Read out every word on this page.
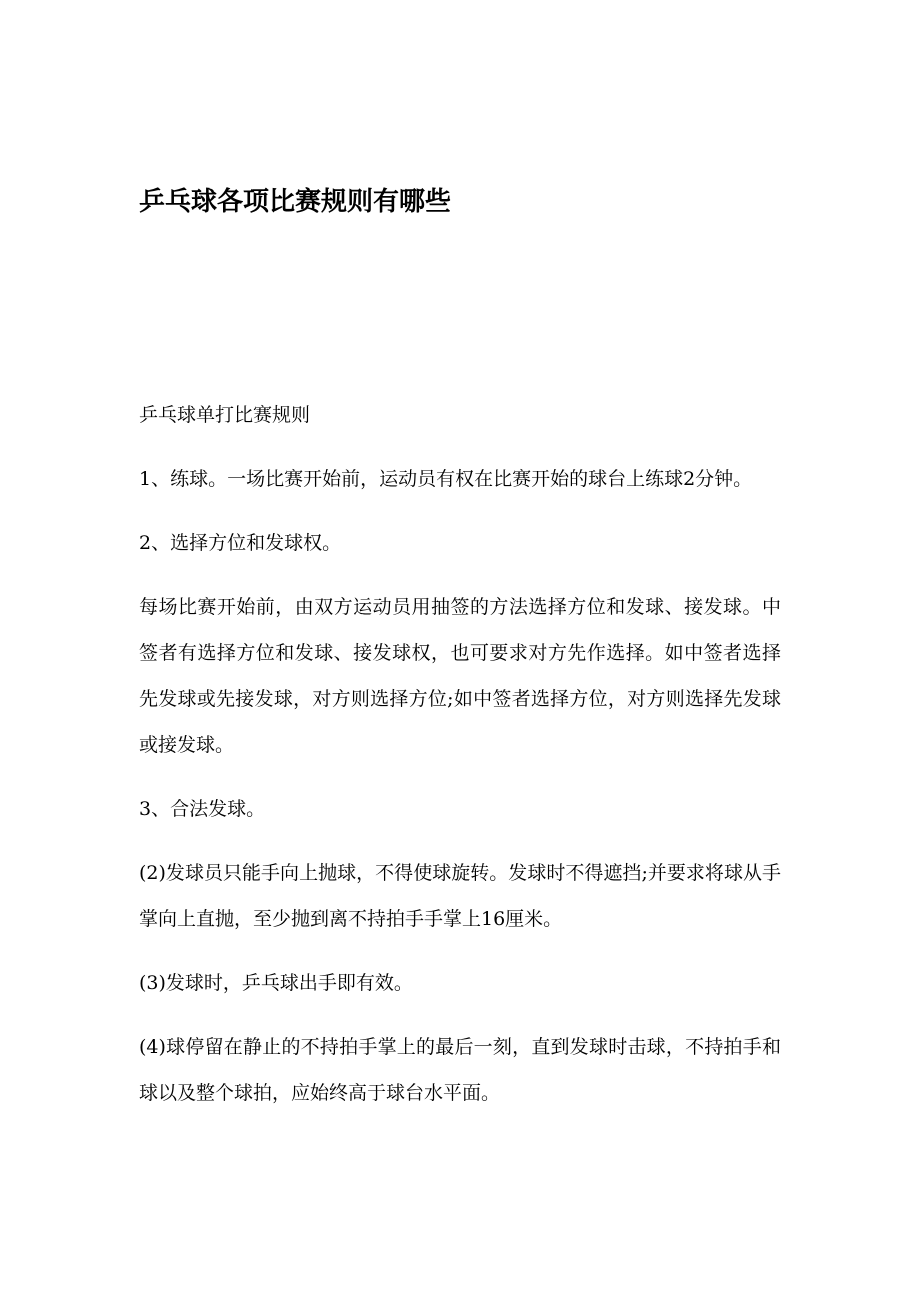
乒乓球各项比赛规则有哪些

乒乓球单打比赛规则

1、练球。一场比赛开始前，运动员有权在比赛开始的球台上练球2分钟。

2、选择方位和发球权。

每场比赛开始前，由双方运动员用抽签的方法选择方位和发球、接发球。中签者有选择方位和发球、接发球权，也可要求对方先作选择。如中签者选择先发球或先接发球，对方则选择方位;如中签者选择方位，对方则选择先发球或接发球。

3、合法发球。

(2)发球员只能手向上抛球，不得使球旋转。发球时不得遮挡;并要求将球从手掌向上直抛，至少抛到离不持拍手手掌上16厘米。

(3)发球时，乒乓球出手即有效。

(4)球停留在静止的不持拍手掌上的最后一刻，直到发球时击球，不持拍手和球以及整个球拍，应始终高于球台水平面。
